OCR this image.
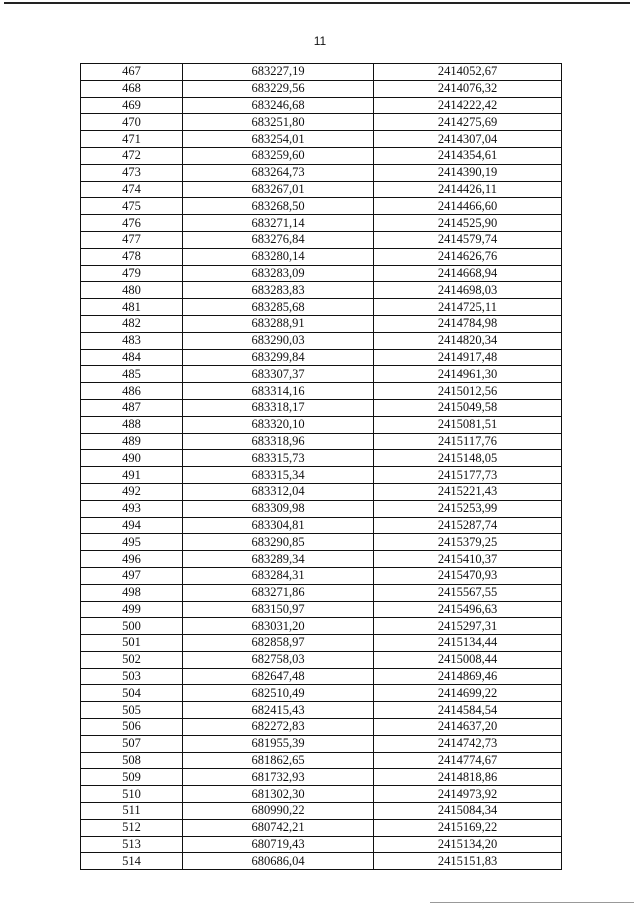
11
467	683227,19	2414052,67
468	683229,56	2414076,32
469	683246,68	2414222,42
470	683251,80	2414275,69
471	683254,01	2414307,04
472	683259,60	2414354,61
473	683264,73	2414390,19
474	683267,01	2414426,11
475	683268,50	2414466,60
476	683271,14	2414525,90
477	683276,84	2414579,74
478	683280,14	2414626,76
479	683283,09	2414668,94
480	683283,83	2414698,03
481	683285,68	2414725,11
482	683288,91	2414784,98
483	683290,03	2414820,34
484	683299,84	2414917,48
485	683307,37	2414961,30
486	683314,16	2415012,56
487	683318,17	2415049,58
488	683320,10	2415081,51
489	683318,96	2415117,76
490	683315,73	2415148,05
491	683315,34	2415177,73
492	683312,04	2415221,43
493	683309,98	2415253,99
494	683304,81	2415287,74
495	683290,85	2415379,25
496	683289,34	2415410,37
497	683284,31	2415470,93
498	683271,86	2415567,55
499	683150,97	2415496,63
500	683031,20	2415297,31
501	682858,97	2415134,44
502	682758,03	2415008,44
503	682647,48	2414869,46
504	682510,49	2414699,22
505	682415,43	2414584,54
506	682272,83	2414637,20
507	681955,39	2414742,73
508	681862,65	2414774,67
509	681732,93	2414818,86
510	681302,30	2414973,92
511	680990,22	2415084,34
512	680742,21	2415169,22
513	680719,43	2415134,20
514	680686,04	2415151,83
